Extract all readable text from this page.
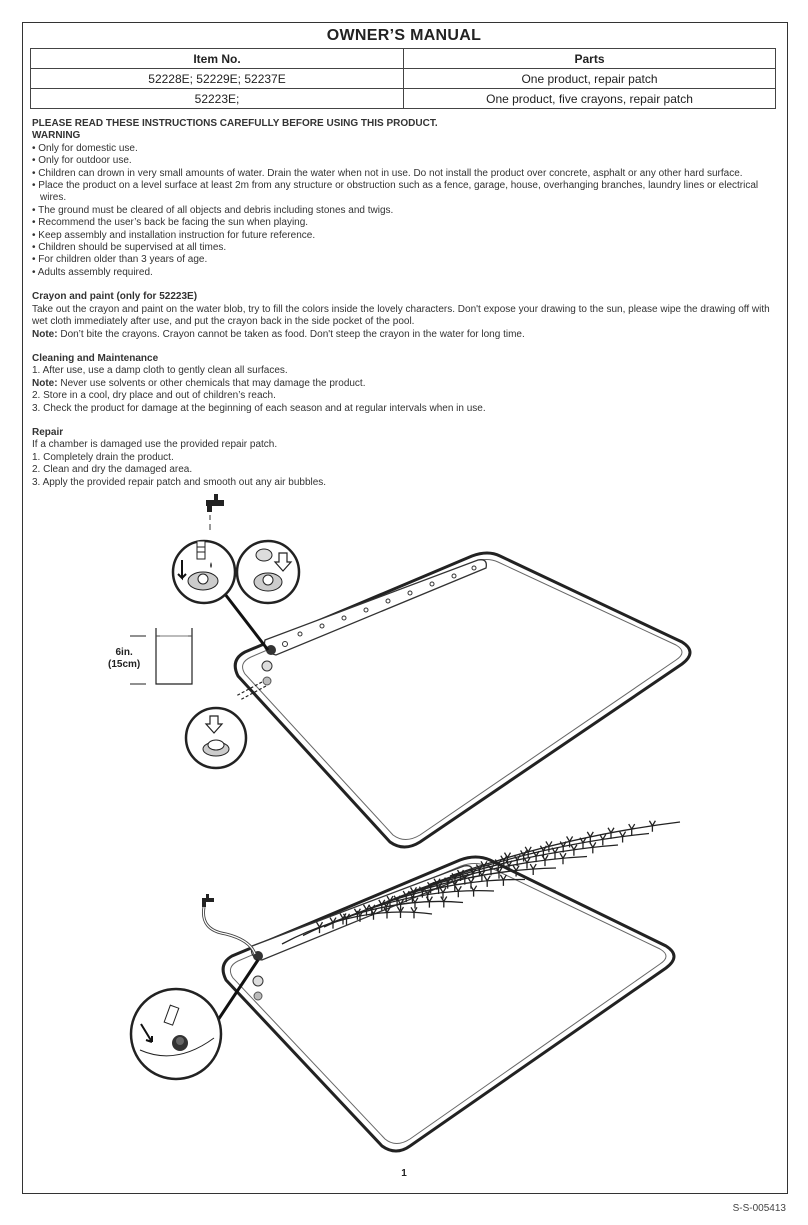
OWNER’S MANUAL
Item No.	Parts
52228E; 52229E; 52237E	One product, repair patch
52223E;	One product, five crayons, repair patch

PLEASE READ THESE INSTRUCTIONS CAREFULLY BEFORE USING THIS PRODUCT.

WARNING

• Only for domestic use.

• Only for outdoor use.

• Children can drown in very small amounts of water. Drain the water when not in use. Do not install the product over concrete, asphalt or any other hard surface.

• Place the product on a level surface at least 2m from any structure or obstruction such as a fence, garage, house, overhanging branches, laundry lines or electrical wires.

• The ground must be cleared of all objects and debris including stones and twigs.

• Recommend the user’s back be facing the sun when playing.

• Keep assembly and installation instruction for future reference.

• Children should be supervised at all times.

• For children older than 3 years of age.

• Adults assembly required.

Crayon and paint (only for 52223E)

Take out the crayon and paint on the water blob, try to fill the colors inside the lovely characters. Don't expose your drawing to the sun, please wipe the drawing off with wet cloth immediately after use, and put the crayon back in the side pocket of the pool.

Note: Don’t bite the crayons. Crayon cannot be taken as food. Don't steep the crayon in the water for long time.

Cleaning and Maintenance

1. After use, use a damp cloth to gently clean all surfaces.

Note: Never use solvents or other chemicals that may damage the product.

2. Store in a cool, dry place and out of children’s reach.

3. Check the product for damage at the beginning of each season and at regular intervals when in use.

Repair

If a chamber is damaged use the provided repair patch.

1. Completely drain the product.

2. Clean and dry the damaged area.

3. Apply the provided repair patch and smooth out any air bubbles.

6in.
(15cm)
1
S-S-005413
